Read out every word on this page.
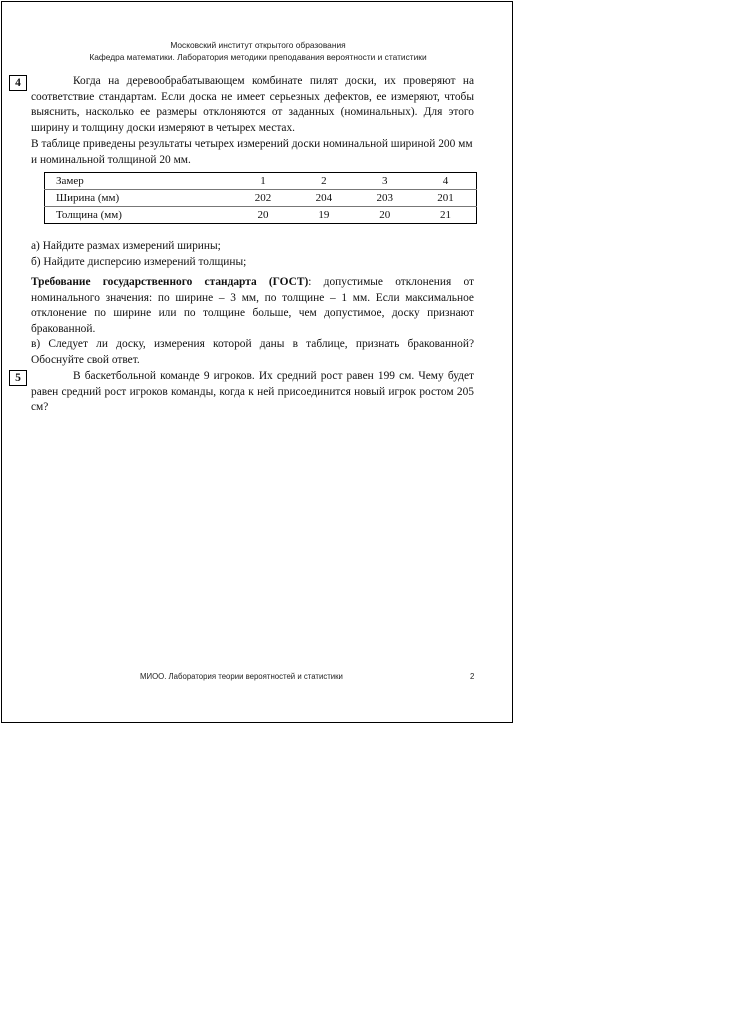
Московский институт открытого образования
Кафедра математики. Лаборатория методики преподавания вероятности и статистики
4	Когда на деревообрабатывающем комбинате пилят доски, их проверяют на соответствие стандартам. Если доска не имеет серьезных дефектов, ее измеряют, чтобы выяснить, насколько ее размеры отклоняются от заданных (номинальных). Для этого ширину и толщину доски измеряют в четырех местах.

В таблице приведены результаты четырех измерений доски номинальной шириной 200 мм и номинальной толщиной 20 мм.

Замер	1	2	3	4
Ширина (мм)	202	204	203	201
Толщина (мм)	20	19	20	21

а) Найдите размах измерений ширины;

б) Найдите дисперсию измерений толщины;

Требование государственного стандарта (ГОСТ): допустимые отклонения от номинального значения: по ширине – 3 мм, по толщине – 1 мм. Если максимальное отклонение по ширине или по толщине больше, чем допустимое, доску признают бракованной.

в) Следует ли доску, измерения которой даны в таблице, признать бракованной? Обоснуйте свой ответ.

5	В баскетбольной команде 9 игроков. Их средний рост равен 199 см. Чему будет равен средний рост игроков команды, когда к ней присоединится новый игрок ростом 205 см?

МИОО. Лаборатория теории вероятностей и статистики	2
